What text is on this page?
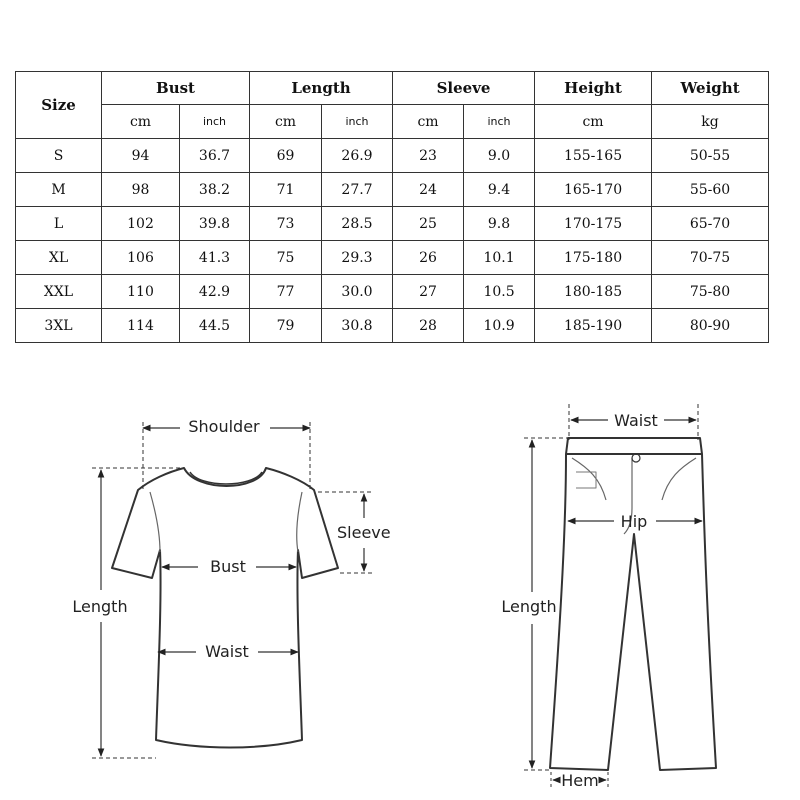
Size	Bust		Length		Sleeve		Height	Weight
	cm	inch	cm	inch	cm	inch	cm	kg
S	94	36.7	69	26.9	23	9.0	155-165	50-55
M	98	38.2	71	27.7	24	9.4	165-170	55-60
L	102	39.8	73	28.5	25	9.8	170-175	65-70
XL	106	41.3	75	29.3	26	10.1	175-180	70-75
XXL	110	42.9	77	30.0	27	10.5	180-185	75-80
3XL	114	44.5	79	30.8	28	10.9	185-190	80-90
Shoulder
Sleeve
Bust
Length
Waist
Waist
Hip
Length
Hem
